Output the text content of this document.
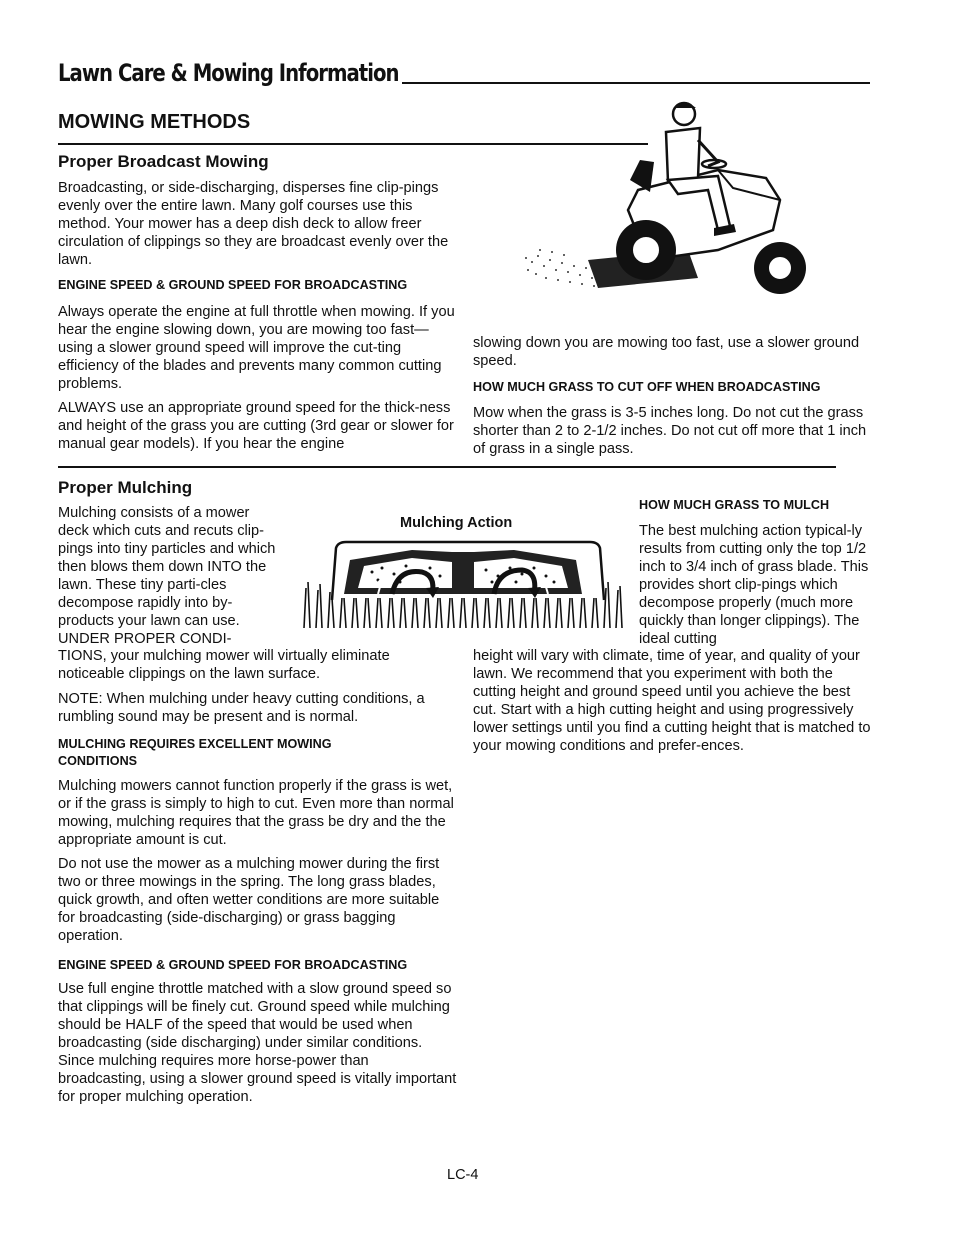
Lawn Care & Mowing Information
MOWING METHODS
Proper Broadcast Mowing

Broadcasting, or side-discharging, disperses fine clip-pings evenly over the entire lawn. Many golf courses use this method. Your mower has a deep dish deck to allow freer circulation of clippings so they are broadcast evenly over the lawn.

ENGINE SPEED & GROUND SPEED FOR BROADCASTING

Always operate the engine at full throttle when mowing. If you hear the engine slowing down, you are mowing too fast—using a slower ground speed will improve the cut-ting efficiency of the blades and prevents many common cutting problems.

ALWAYS use an appropriate ground speed for the thick-ness and height of the grass you are cutting (3rd gear or slower for manual gear models). If you hear the engine

slowing down you are mowing too fast, use a slower ground speed.

HOW MUCH GRASS TO CUT OFF WHEN BROADCASTING

Mow when the grass is 3-5 inches long. Do not cut the grass shorter than 2 to 2-1/2 inches. Do not cut off more that 1 inch of grass in a single pass.

Proper Mulching

Mulching consists of a mower deck which cuts and recuts clip-pings into tiny particles and which then blows them down INTO the lawn. These tiny parti-cles decompose rapidly into by-products your lawn can use. UNDER PROPER CONDI-

TIONS, your mulching mower will virtually eliminate noticeable clippings on the lawn surface.

NOTE: When mulching under heavy cutting conditions, a rumbling sound may be present and is normal.

MULCHING REQUIRES EXCELLENT MOWING CONDITIONS

Mulching mowers cannot function properly if the grass is wet, or if the grass is simply to high to cut. Even more than normal mowing, mulching requires that the grass be dry and the the appropriate amount is cut.

Do not use the mower as a mulching mower during the first two or three mowings in the spring. The long grass blades, quick growth, and often wetter conditions are more suitable for broadcasting (side-discharging) or grass bagging operation.

ENGINE SPEED & GROUND SPEED FOR BROADCASTING

Use full engine throttle matched with a slow ground speed so that clippings will be finely cut. Ground speed while mulching should be HALF of the speed that would be used when broadcasting (side discharging) under similar conditions. Since mulching requires more horse-power than broadcasting, using a slower ground speed is vitally important for proper mulching operation.

Mulching Action
HOW MUCH GRASS TO MULCH

The best mulching action typical-ly results from cutting only the top 1/2 inch to 3/4 inch of grass blade. This provides short clip-pings which decompose properly (much more quickly than longer clippings). The ideal cutting

height will vary with climate, time of year, and quality of your lawn. We recommend that you experiment with both the cutting height and ground speed until you achieve the best cut. Start with a high cutting height and using progressively lower settings until you find a cutting height that is matched to your mowing conditions and prefer-ences.

LC-4
